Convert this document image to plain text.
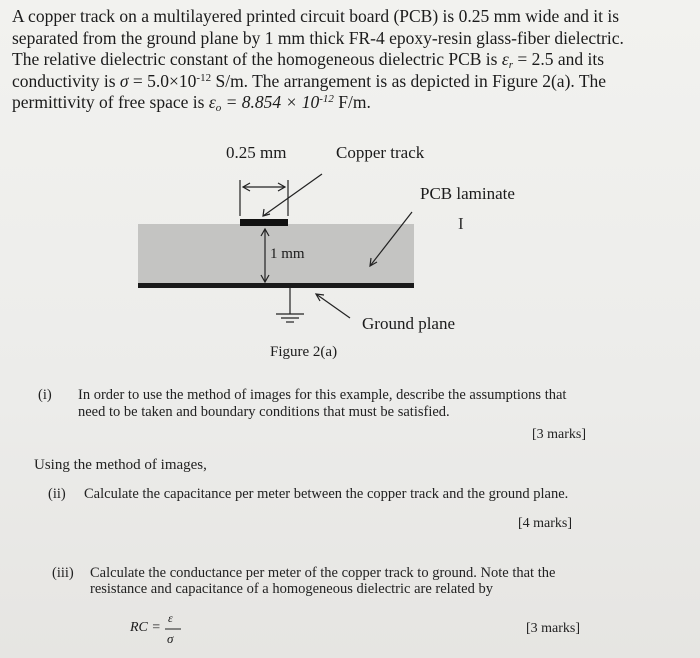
A copper track on a multilayered printed circuit board (PCB) is 0.25 mm wide and it is
separated from the ground plane by 1 mm thick FR-4 epoxy-resin glass-fiber dielectric.
The relative dielectric constant of the homogeneous dielectric PCB is $\varepsilon_r = 2.5$ and its
conductivity is $\sigma = 5.0\times 10^{-12}$ S/m. The arrangement is as depicted in Figure 2(a). The
permittivity of free space is $\varepsilon_o = 8.854 \times 10^{-12}$ F/m.
0.25 mm	Copper track
PCB laminate
I
1 mm
Ground plane
Figure 2(a)
(i) In order to use the method of images for this example, describe the assumptions that
need to be taken and boundary conditions that must be satisfied.
[3 marks]
Using the method of images,
(ii) Calculate the capacitance per meter between the copper track and the ground plane.
[4 marks]
(iii) Calculate the conductance per meter of the copper track to ground. Note that the
resistance and capacitance of a homogeneous dielectric are related by
RC =
ε
σ
[3 marks]
